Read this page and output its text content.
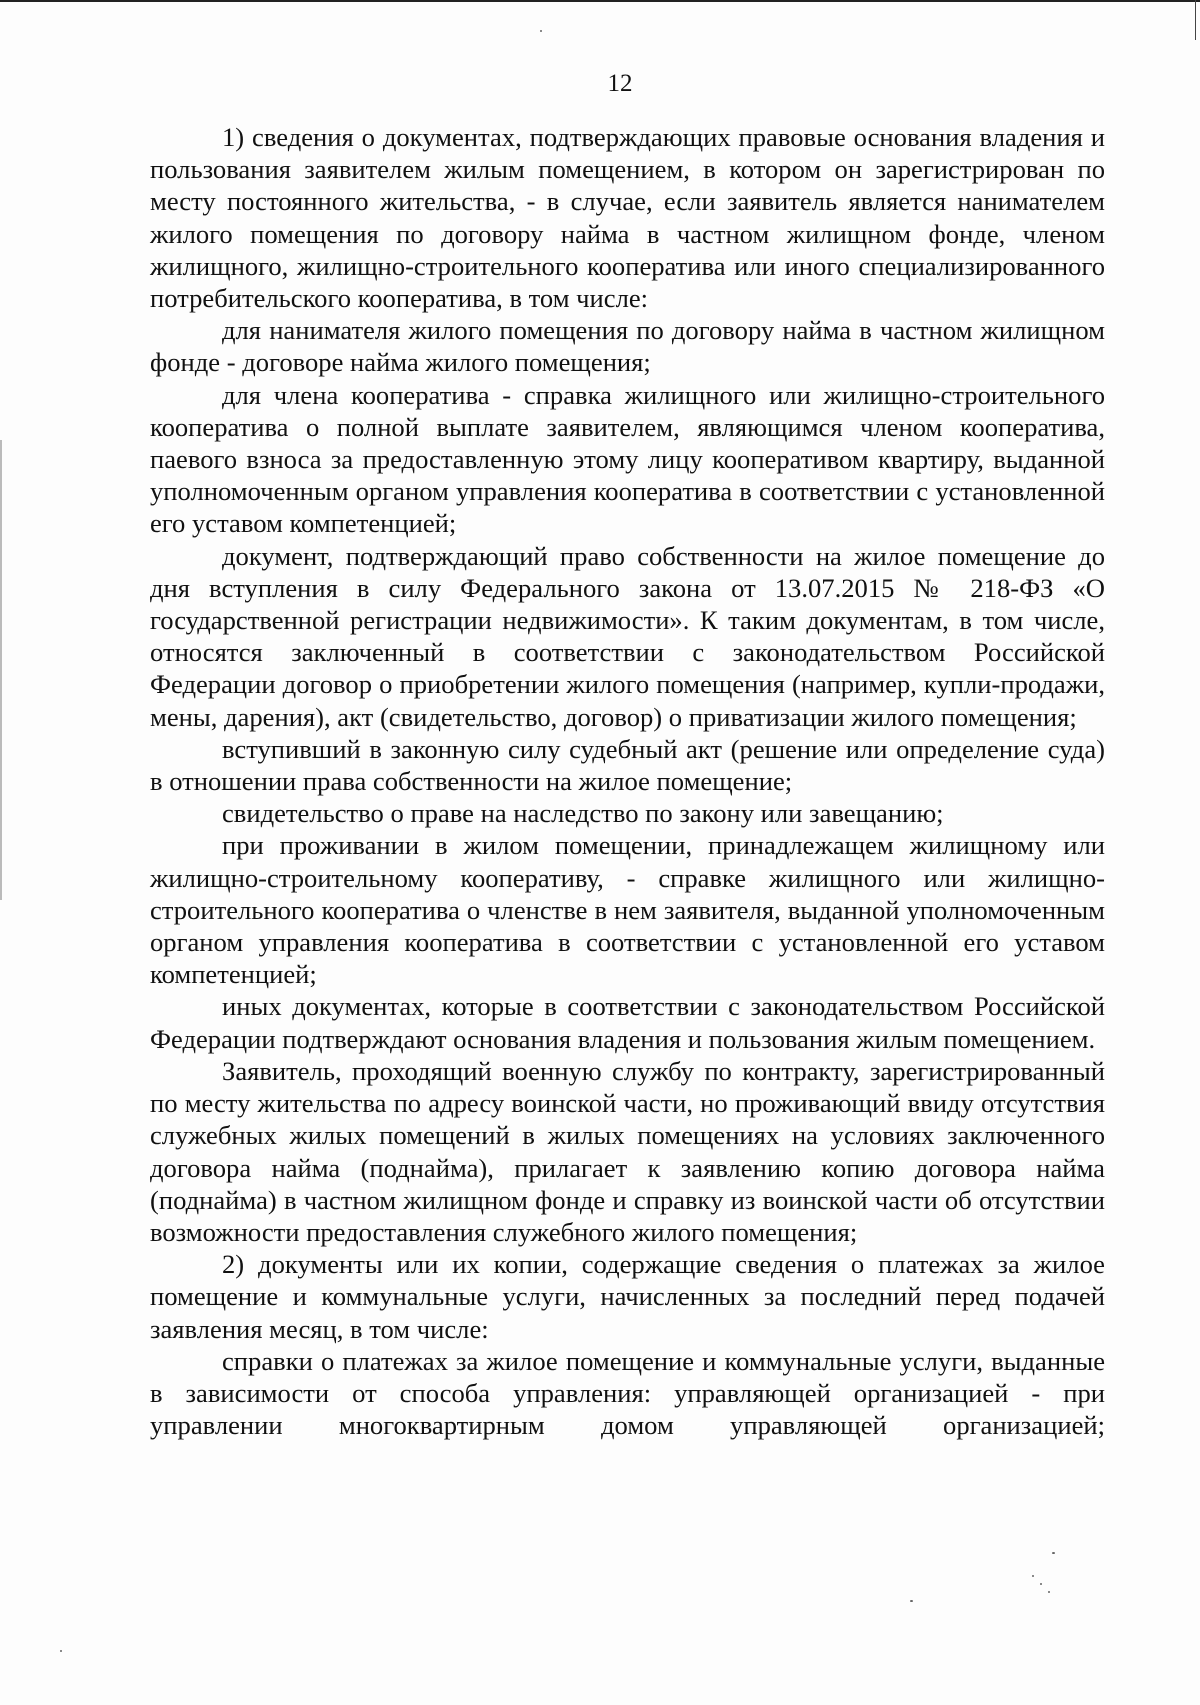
12

1) сведения о документах, подтверждающих правовые основания владения и пользования заявителем жилым помещением, в котором он зарегистрирован по месту постоянного жительства, - в случае, если заявитель является нанимателем жилого помещения по договору найма в частном жилищном фонде, членом жилищного, жилищно-строительного кооператива или иного специализированного потребительского кооператива, в том числе:

для нанимателя жилого помещения по договору найма в частном жилищном фонде - договоре найма жилого помещения;

для члена кооператива - справка жилищного или жилищно-строительного кооператива о полной выплате заявителем, являющимся членом кооператива, паевого взноса за предоставленную этому лицу кооперативом квартиру, выданной уполномоченным органом управления кооператива в соответствии с установленной его уставом компетенцией;

документ, подтверждающий право собственности на жилое помещение до дня вступления в силу Федерального закона от 13.07.2015 № 218-ФЗ «О государственной регистрации недвижимости». К таким документам, в том числе, относятся заключенный в соответствии с законодательством Российской Федерации договор о приобретении жилого помещения (например, купли-продажи, мены, дарения), акт (свидетельство, договор) о приватизации жилого помещения;

вступивший в законную силу судебный акт (решение или определение суда) в отношении права собственности на жилое помещение;

свидетельство о праве на наследство по закону или завещанию;

при проживании в жилом помещении, принадлежащем жилищному или жилищно-строительному кооперативу, - справке жилищного или жилищно-строительного кооператива о членстве в нем заявителя, выданной уполномоченным органом управления кооператива в соответствии с установленной его уставом компетенцией;

иных документах, которые в соответствии с законодательством Российской Федерации подтверждают основания владения и пользования жилым помещением.

Заявитель, проходящий военную службу по контракту, зарегистрированный по месту жительства по адресу воинской части, но проживающий ввиду отсутствия служебных жилых помещений в жилых помещениях на условиях заключенного договора найма (поднайма), прилагает к заявлению копию договора найма (поднайма) в частном жилищном фонде и справку из воинской части об отсутствии возможности предоставления служебного жилого помещения;

2) документы или их копии, содержащие сведения о платежах за жилое помещение и коммунальные услуги, начисленных за последний перед подачей заявления месяц, в том числе:

справки о платежах за жилое помещение и коммунальные услуги, выданные в зависимости от способа управления: управляющей организацией - при управлении многоквартирным домом управляющей организацией;
